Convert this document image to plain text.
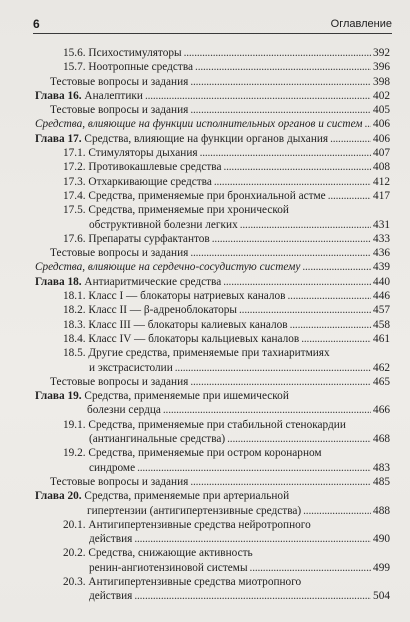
6	Оглавление
15.6. Психостимуляторы . . .	392
15.7. Ноотропные средства . . .	396
Тестовые вопросы и задания . . .	398
Глава 16. Аналептики . . .	402
Тестовые вопросы и задания . . .	405
Средства, влияющие на функции исполнительных органов и систем . . . 406
Глава 17. Средства, влияющие на функции органов дыхания . . .	406
17.1. Стимуляторы дыхания . . .	407
17.2. Противокашлевые средства . . .	408
17.3. Отхаркивающие средства . . .	412
17.4. Средства, применяемые при бронхиальной астме . . .	417
17.5. Средства, применяемые при хронической
обструктивной болезни легких . . .	431
17.6. Препараты сурфактантов . . .	433
Тестовые вопросы и задания . . .	436
Средства, влияющие на сердечно-сосудистую систему . . .	439
Глава 18. Антиаритмические средства . . .	440
18.1. Класс I — блокаторы натриевых каналов . . .	446
18.2. Класс II — β-адреноблокаторы . . .	457
18.3. Класс III — блокаторы калиевых каналов . . .	458
18.4. Класс IV — блокаторы кальциевых каналов . . .	461
18.5. Другие средства, применяемые при тахиаритмиях
и экстрасистолии . . .	462
Тестовые вопросы и задания . . .	465
Глава 19. Средства, применяемые при ишемической
болезни сердца . . .	466
19.1. Средства, применяемые при стабильной стенокардии
(антиангинальные средства) . . .	468
19.2. Средства, применяемые при остром коронарном
синдроме . . .	483
Тестовые вопросы и задания . . .	485
Глава 20. Средства, применяемые при артериальной
гипертензии (антигипертензивные средства) . . .	488
20.1. Антигипертензивные средства нейротропного
действия . . .	490
20.2. Средства, снижающие активность
ренин-ангиотензиновой системы . . .	499
20.3. Антигипертензивные средства миотропного
действия . . .	504
